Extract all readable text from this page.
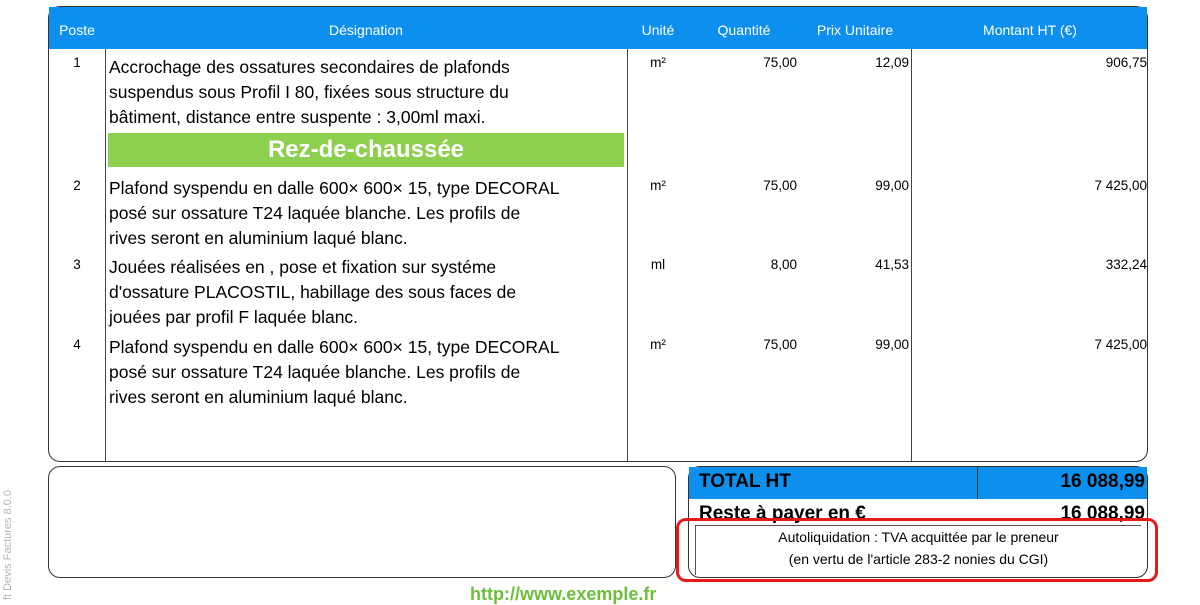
ft Devis Factures 8.0.0
Poste	Désignation	Unité	Quantité	Prix Unitaire	Montant HT (€)
1	Accrochage des ossatures secondaires de plafonds
suspendus sous Profil I 80, fixées sous structure du
bâtiment, distance entre suspente : 3,00ml maxi.
m²	75,00	12,09	906,75
Rez-de-chaussée
2	Plafond syspendu en dalle 600× 600× 15, type DECORAL
posé sur ossature T24 laquée blanche. Les profils de
rives seront en aluminium laqué blanc.
m²	75,00	99,00	7 425,00
3	Jouées réalisées en , pose et fixation sur systéme
d'ossature PLACOSTIL, habillage des sous faces de
jouées par profil F laquée blanc.
ml	8,00	41,53	332,24
4	Plafond syspendu en dalle 600× 600× 15, type DECORAL
posé sur ossature T24 laquée blanche. Les profils de
rives seront en aluminium laqué blanc.
m²	75,00	99,00	7 425,00
TOTAL HT	16 088,99
Reste à payer en €	16 088,99
Autoliquidation : TVA acquittée par le preneur
(en vertu de l'article 283-2 nonies du CGI)
http://www.exemple.fr
